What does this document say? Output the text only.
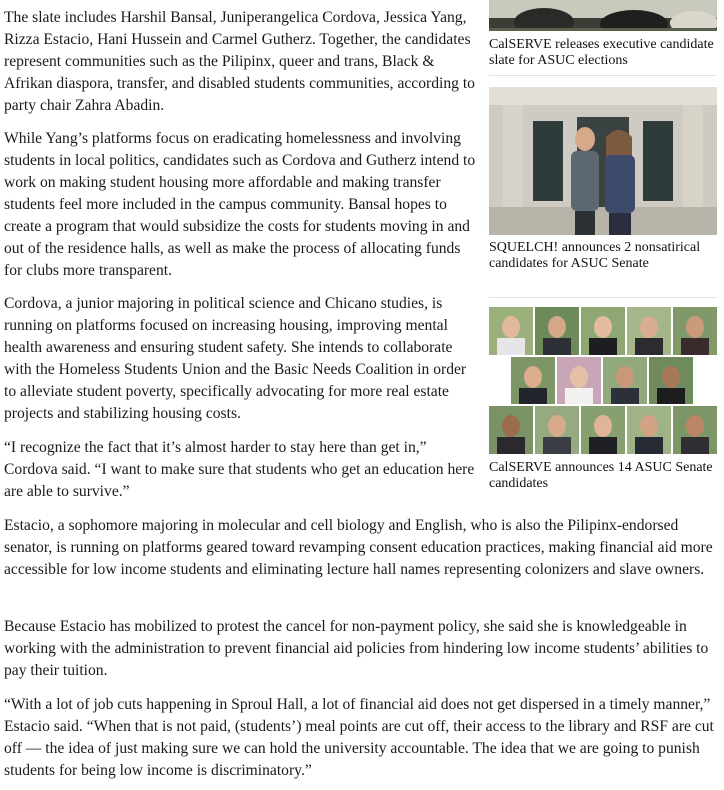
The slate includes Harshil Bansal, Juniperangelica Cordova, Jessica Yang, Rizza Estacio, Hani Hussein and Carmel Gutherz. Together, the candidates represent communities such as the Pilipinx, queer and trans, Black & Afrikan diaspora, transfer, and disabled students communities, according to party chair Zahra Abadin.

While Yang’s platforms focus on eradicating homelessness and involving students in local politics, candidates such as Cordova and Gutherz intend to work on making student housing more affordable and making transfer students feel more included in the campus community. Bansal hopes to create a program that would subsidize the costs for students moving in and out of the residence halls, as well as make the process of allocating funds for clubs more transparent.

Cordova, a junior majoring in political science and Chicano studies, is running on platforms focused on increasing housing, improving mental health awareness and ensuring student safety. She intends to collaborate with the Homeless Students Union and the Basic Needs Coalition in order to alleviate student poverty, specifically advocating for more real estate projects and stabilizing housing costs.

“I recognize the fact that it’s almost harder to stay here than get in,” Cordova said. “I want to make sure that students who get an education here are able to survive.”

Estacio, a sophomore majoring in molecular and cell biology and English, who is also the Pilipinx-endorsed senator, is running on platforms geared toward revamping consent education practices, making financial aid more accessible for low income students and eliminating lecture hall names representing colonizers and slave owners.

Because Estacio has mobilized to protest the cancel for non-payment policy, she said she is knowledgeable in working with the administration to prevent financial aid policies from hindering low income students’ abilities to pay their tuition.

“With a lot of job cuts happening in Sproul Hall, a lot of financial aid does not get dispersed in a timely manner,” Estacio said. “When that is not paid, (students’) meal points are cut off, their access to the library and RSF are cut off — the idea of just making sure we can hold the university accountable. The idea that we are going to punish students for being low income is discriminatory.”

CalSERVE releases executive candidate slate for ASUC elections
SQUELCH! announces 2 nonsatirical candidates for ASUC Senate
CalSERVE announces 14 ASUC Senate candidates
